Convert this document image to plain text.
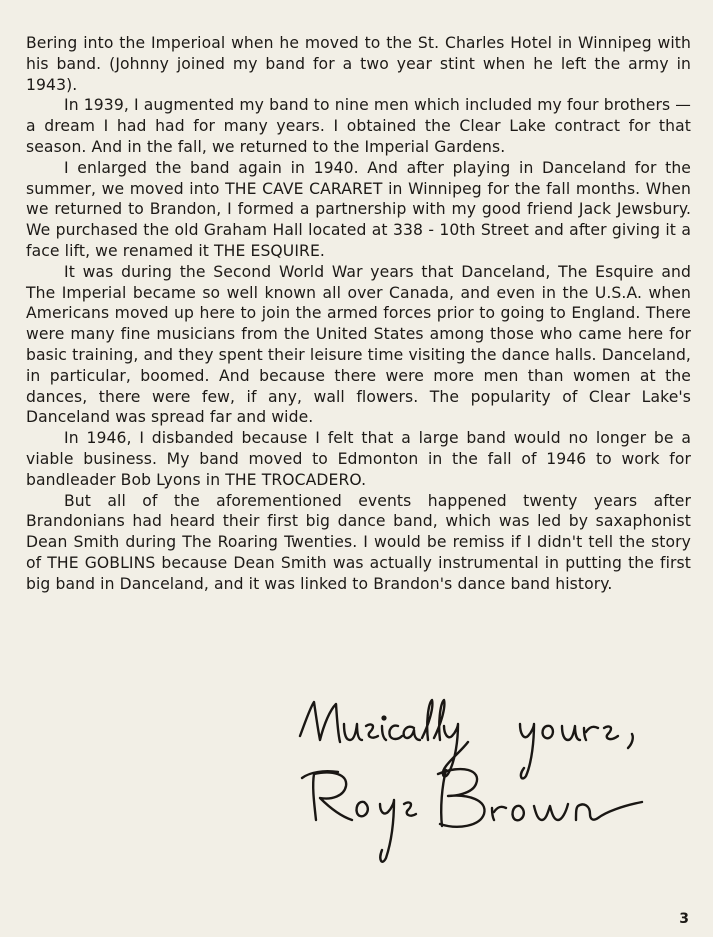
Bering into the Imperioal when he moved to the St. Charles Hotel in Winnipeg with his band. (Johnny joined my band for a two year stint when he left the army in 1943).

In 1939, I augmented my band to nine men which included my four brothers — a dream I had had for many years. I obtained the Clear Lake contract for that season. And in the fall, we returned to the Imperial Gardens.

I enlarged the band again in 1940. And after playing in Danceland for the summer, we moved into THE CAVE CARARET in Winnipeg for the fall months. When we returned to Brandon, I formed a partnership with my good friend Jack Jewsbury. We purchased the old Graham Hall located at 338 - 10th Street and after giving it a face lift, we renamed it THE ESQUIRE.

It was during the Second World War years that Danceland, The Esquire and The Imperial became so well known all over Canada, and even in the U.S.A. when Americans moved up here to join the armed forces prior to going to England. There were many fine musicians from the United States among those who came here for basic training, and they spent their leisure time visiting the dance halls. Danceland, in particular, boomed. And because there were more men than women at the dances, there were few, if any, wall flowers. The popularity of Clear Lake's Danceland was spread far and wide.

In 1946, I disbanded because I felt that a large band would no longer be a viable business. My band moved to Edmonton in the fall of 1946 to work for bandleader Bob Lyons in THE TROCADERO.

But all of the aforementioned events happened twenty years after Brandonians had heard their first big dance band, which was led by saxaphonist Dean Smith during The Roaring Twenties. I would be remiss if I didn't tell the story of THE GOBLINS because Dean Smith was actually instrumental in putting the first big band in Danceland, and it was linked to Brandon's dance band history.

3
